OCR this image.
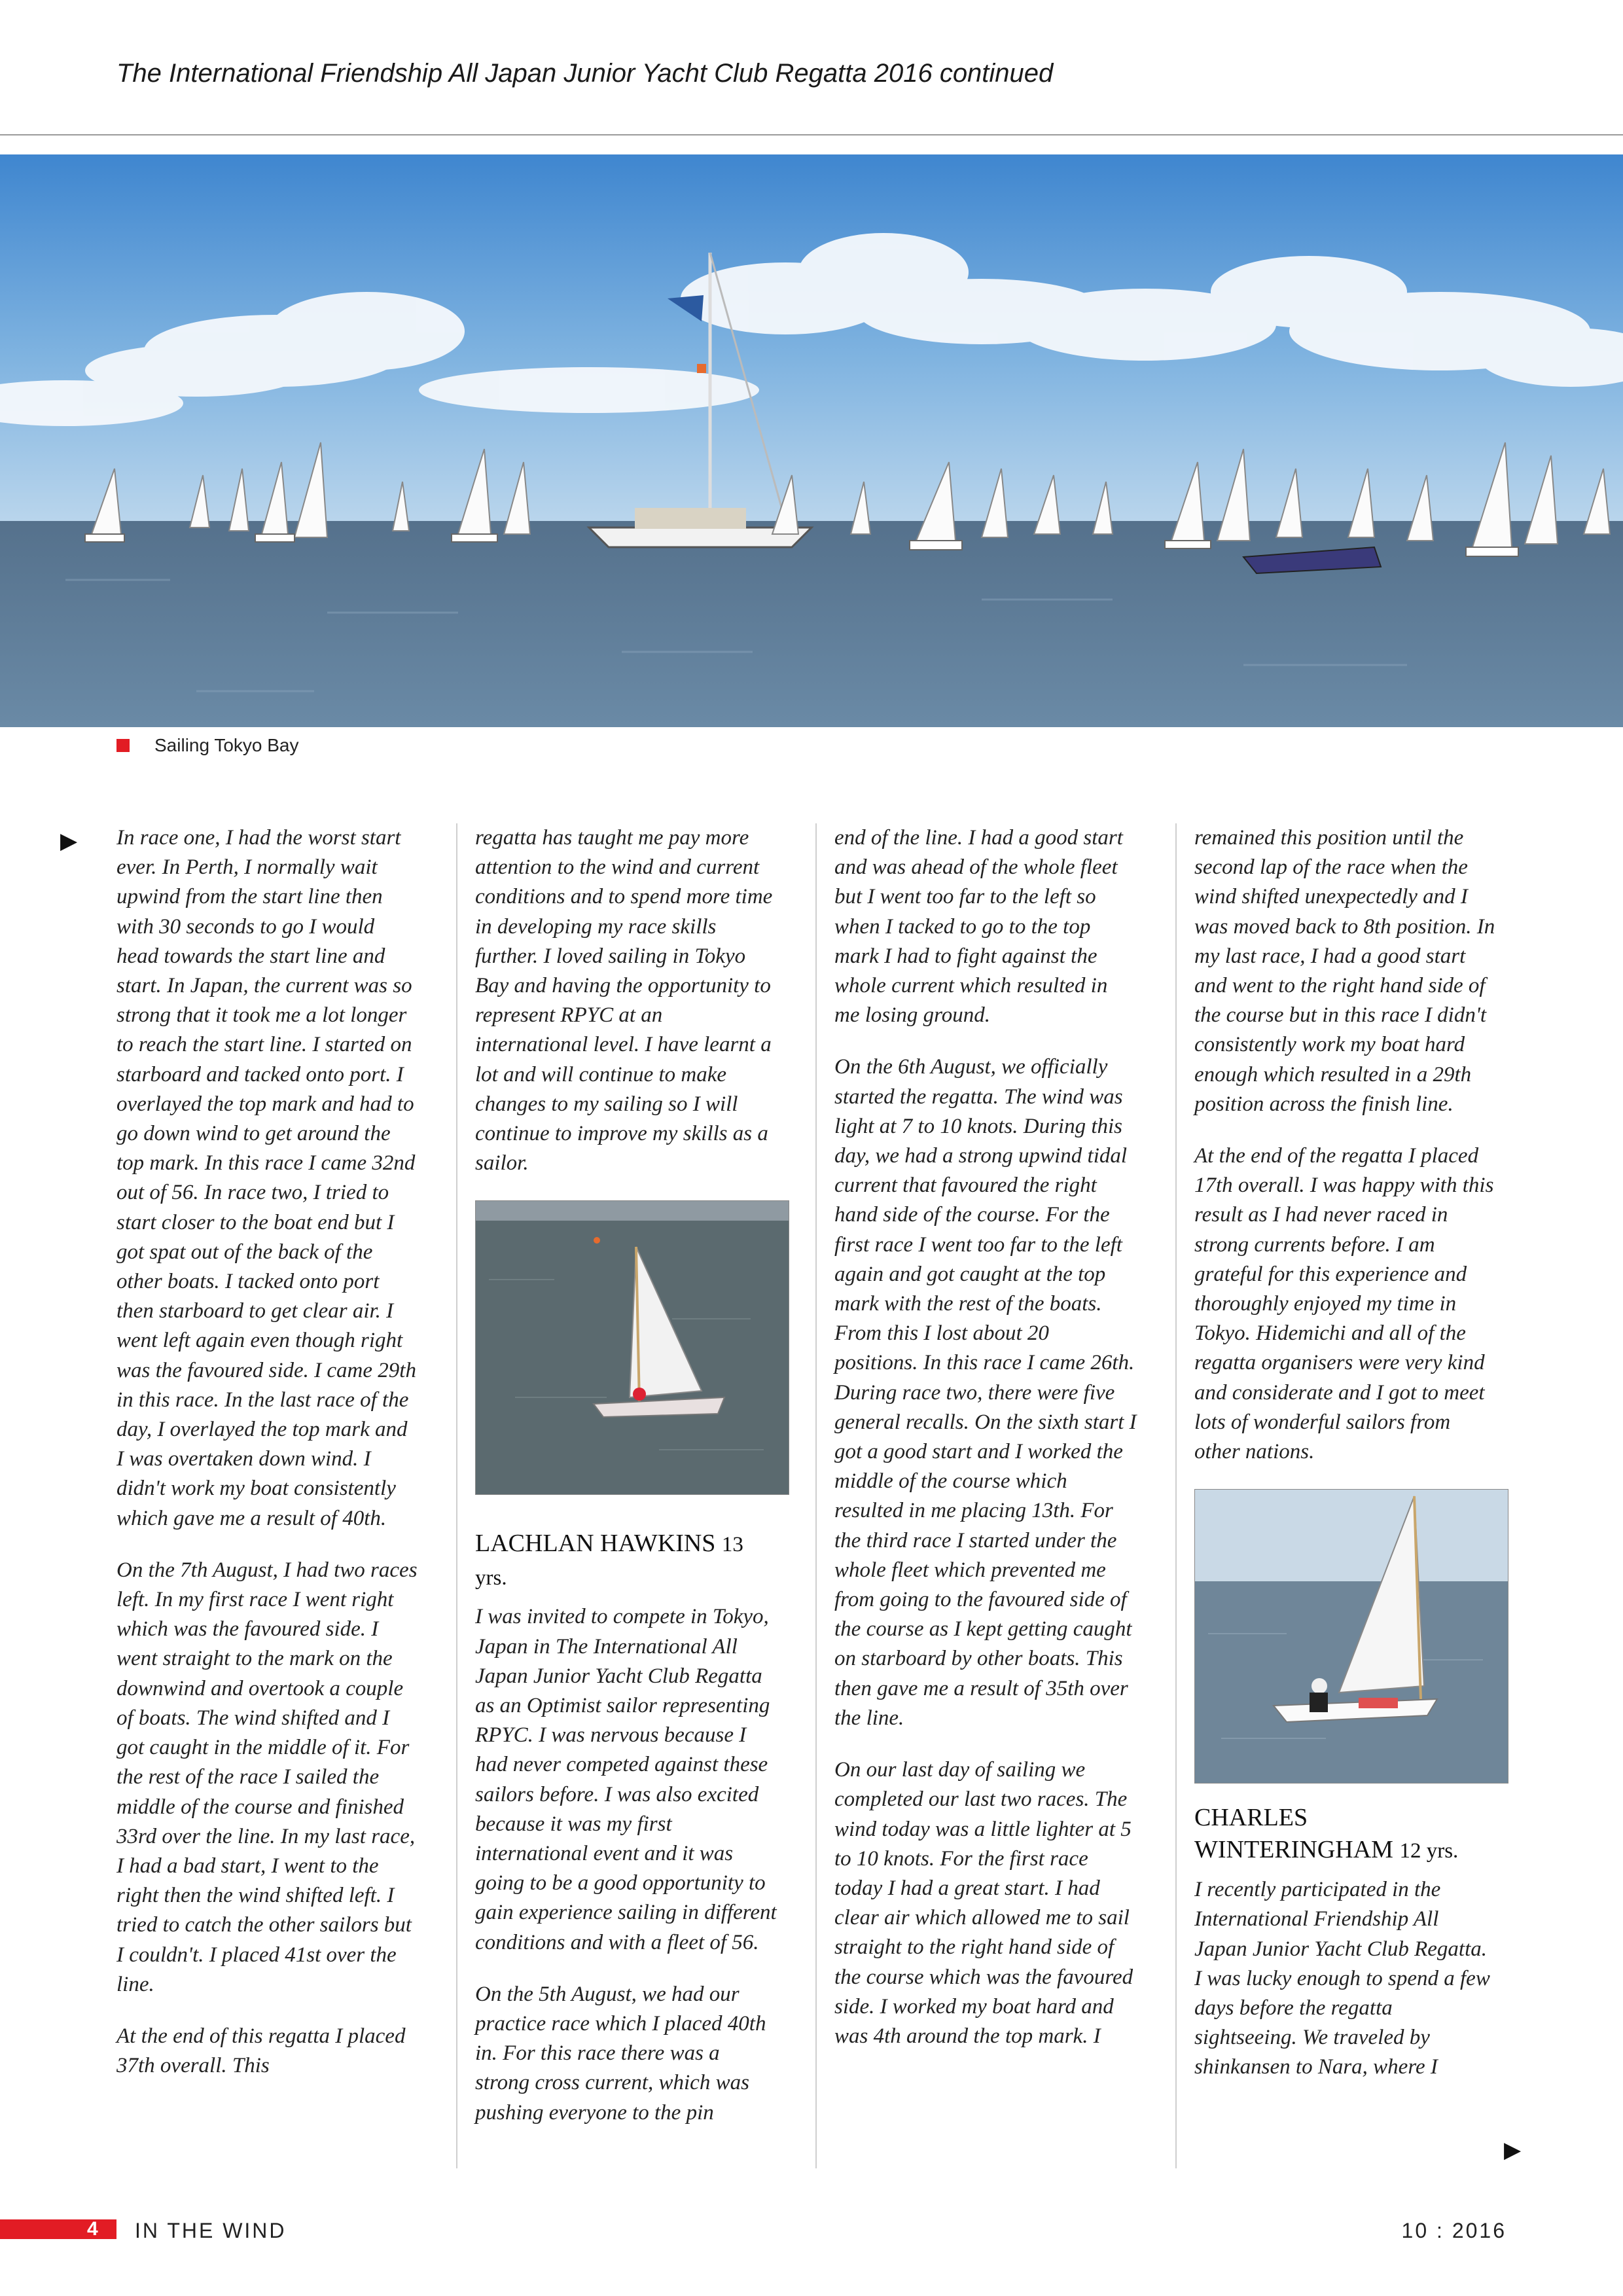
The International Friendship All Japan Junior Yacht Club Regatta 2016 continued
Sailing Tokyo Bay
▶ In race one, I had the worst start ever. In Perth, I normally wait upwind from the start line then with 30 seconds to go I would head towards the start line and start. In Japan, the current was so strong that it took me a lot longer to reach the start line. I started on starboard and tacked onto port. I overlayed the top mark and had to go down wind to get around the top mark. In this race I came 32nd out of 56. In race two, I tried to start closer to the boat end but I got spat out of the back of the other boats. I tacked onto port then starboard to get clear air. I went left again even though right was the favoured side. I came 29th in this race. In the last race of the day, I overlayed the top mark and I was overtaken down wind. I didn't work my boat consistently which gave me a result of 40th.

On the 7th August, I had two races left. In my first race I went right which was the favoured side. I went straight to the mark on the downwind and overtook a couple of boats. The wind shifted and I got caught in the middle of it. For the rest of the race I sailed the middle of the course and finished 33rd over the line. In my last race, I had a bad start, I went to the right then the wind shifted left. I tried to catch the other sailors but I couldn't. I placed 41st over the line.

At the end of this regatta I placed 37th overall. This

regatta has taught me pay more attention to the wind and current conditions and to spend more time in developing my race skills further. I loved sailing in Tokyo Bay and having the opportunity to represent RPYC at an international level. I have learnt a lot and will continue to make changes to my sailing so I will continue to improve my skills as a sailor.

LACHLAN HAWKINS 13 yrs.

I was invited to compete in Tokyo, Japan in The International All Japan Junior Yacht Club Regatta as an Optimist sailor representing RPYC. I was nervous because I had never competed against these sailors before. I was also excited because it was my first international event and it was going to be a good opportunity to gain experience sailing in different conditions and with a fleet of 56.

On the 5th August, we had our practice race which I placed 40th in. For this race there was a strong cross current, which was pushing everyone to the pin

end of the line. I had a good start and was ahead of the whole fleet but I went too far to the left so when I tacked to go to the top mark I had to fight against the whole current which resulted in me losing ground.

On the 6th August, we officially started the regatta. The wind was light at 7 to 10 knots. During this day, we had a strong upwind tidal current that favoured the right hand side of the course. For the first race I went too far to the left again and got caught at the top mark with the rest of the boats. From this I lost about 20 positions. In this race I came 26th. During race two, there were five general recalls. On the sixth start I got a good start and I worked the middle of the course which resulted in me placing 13th. For the third race I started under the whole fleet which prevented me from going to the favoured side of the course as I kept getting caught on starboard by other boats. This then gave me a result of 35th over the line.

On our last day of sailing we completed our last two races. The wind today was a little lighter at 5 to 10 knots. For the first race today I had a great start. I had clear air which allowed me to sail straight to the right hand side of the course which was the favoured side. I worked my boat hard and was 4th around the top mark. I

remained this position until the second lap of the race when the wind shifted unexpectedly and I was moved back to 8th position. In my last race, I had a good start and went to the right hand side of the course but in this race I didn't consistently work my boat hard enough which resulted in a 29th position across the finish line.

At the end of the regatta I placed 17th overall. I was happy with this result as I had never raced in strong currents before. I am grateful for this experience and thoroughly enjoyed my time in Tokyo. Hidemichi and all of the regatta organisers were very kind and considerate and I got to meet lots of wonderful sailors from other nations.

CHARLES WINTERINGHAM 12 yrs.

I recently participated in the International Friendship All Japan Junior Yacht Club Regatta. I was lucky enough to spend a few days before the regatta sightseeing. We traveled by shinkansen to Nara, where I

▶
4 IN THE WIND	10 : 2016
